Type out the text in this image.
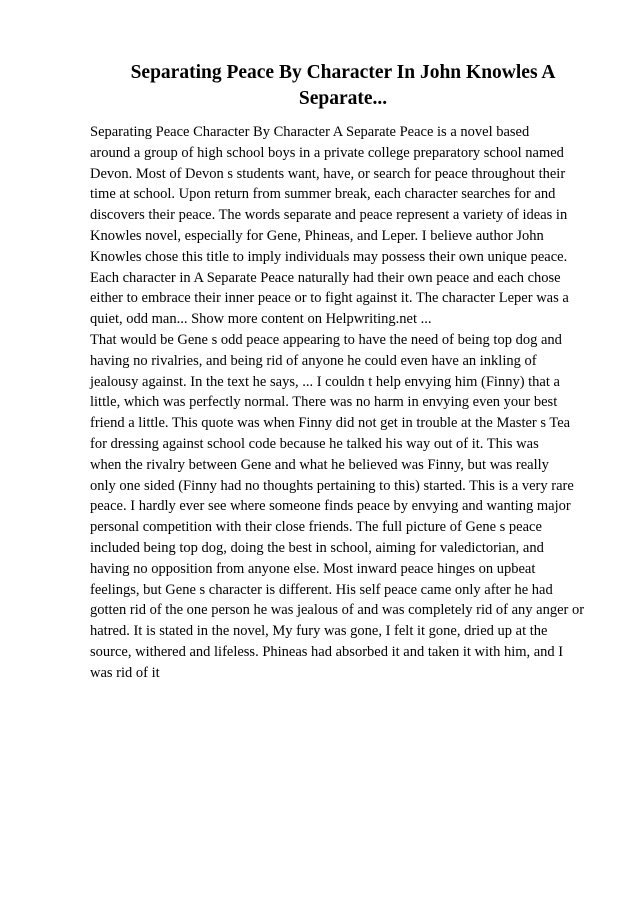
Separating Peace By Character In John Knowles A
Separate...
Separating Peace Character By Character A Separate Peace is a novel based
around a group of high school boys in a private college preparatory school named
Devon. Most of Devon s students want, have, or search for peace throughout their
time at school. Upon return from summer break, each character searches for and
discovers their peace. The words separate and peace represent a variety of ideas in
Knowles novel, especially for Gene, Phineas, and Leper. I believe author John
Knowles chose this title to imply individuals may possess their own unique peace.
Each character in A Separate Peace naturally had their own peace and each chose
either to embrace their inner peace or to fight against it. The character Leper was a
quiet, odd man... Show more content on Helpwriting.net ...
That would be Gene s odd peace appearing to have the need of being top dog and
having no rivalries, and being rid of anyone he could even have an inkling of
jealousy against. In the text he says, ... I couldn t help envying him (Finny) that a
little, which was perfectly normal. There was no harm in envying even your best
friend a little. This quote was when Finny did not get in trouble at the Master s Tea
for dressing against school code because he talked his way out of it. This was
when the rivalry between Gene and what he believed was Finny, but was really
only one sided (Finny had no thoughts pertaining to this) started. This is a very rare
peace. I hardly ever see where someone finds peace by envying and wanting major
personal competition with their close friends. The full picture of Gene s peace
included being top dog, doing the best in school, aiming for valedictorian, and
having no opposition from anyone else. Most inward peace hinges on upbeat
feelings, but Gene s character is different. His self peace came only after he had
gotten rid of the one person he was jealous of and was completely rid of any anger or
hatred. It is stated in the novel, My fury was gone, I felt it gone, dried up at the
source, withered and lifeless. Phineas had absorbed it and taken it with him, and I
was rid of it
